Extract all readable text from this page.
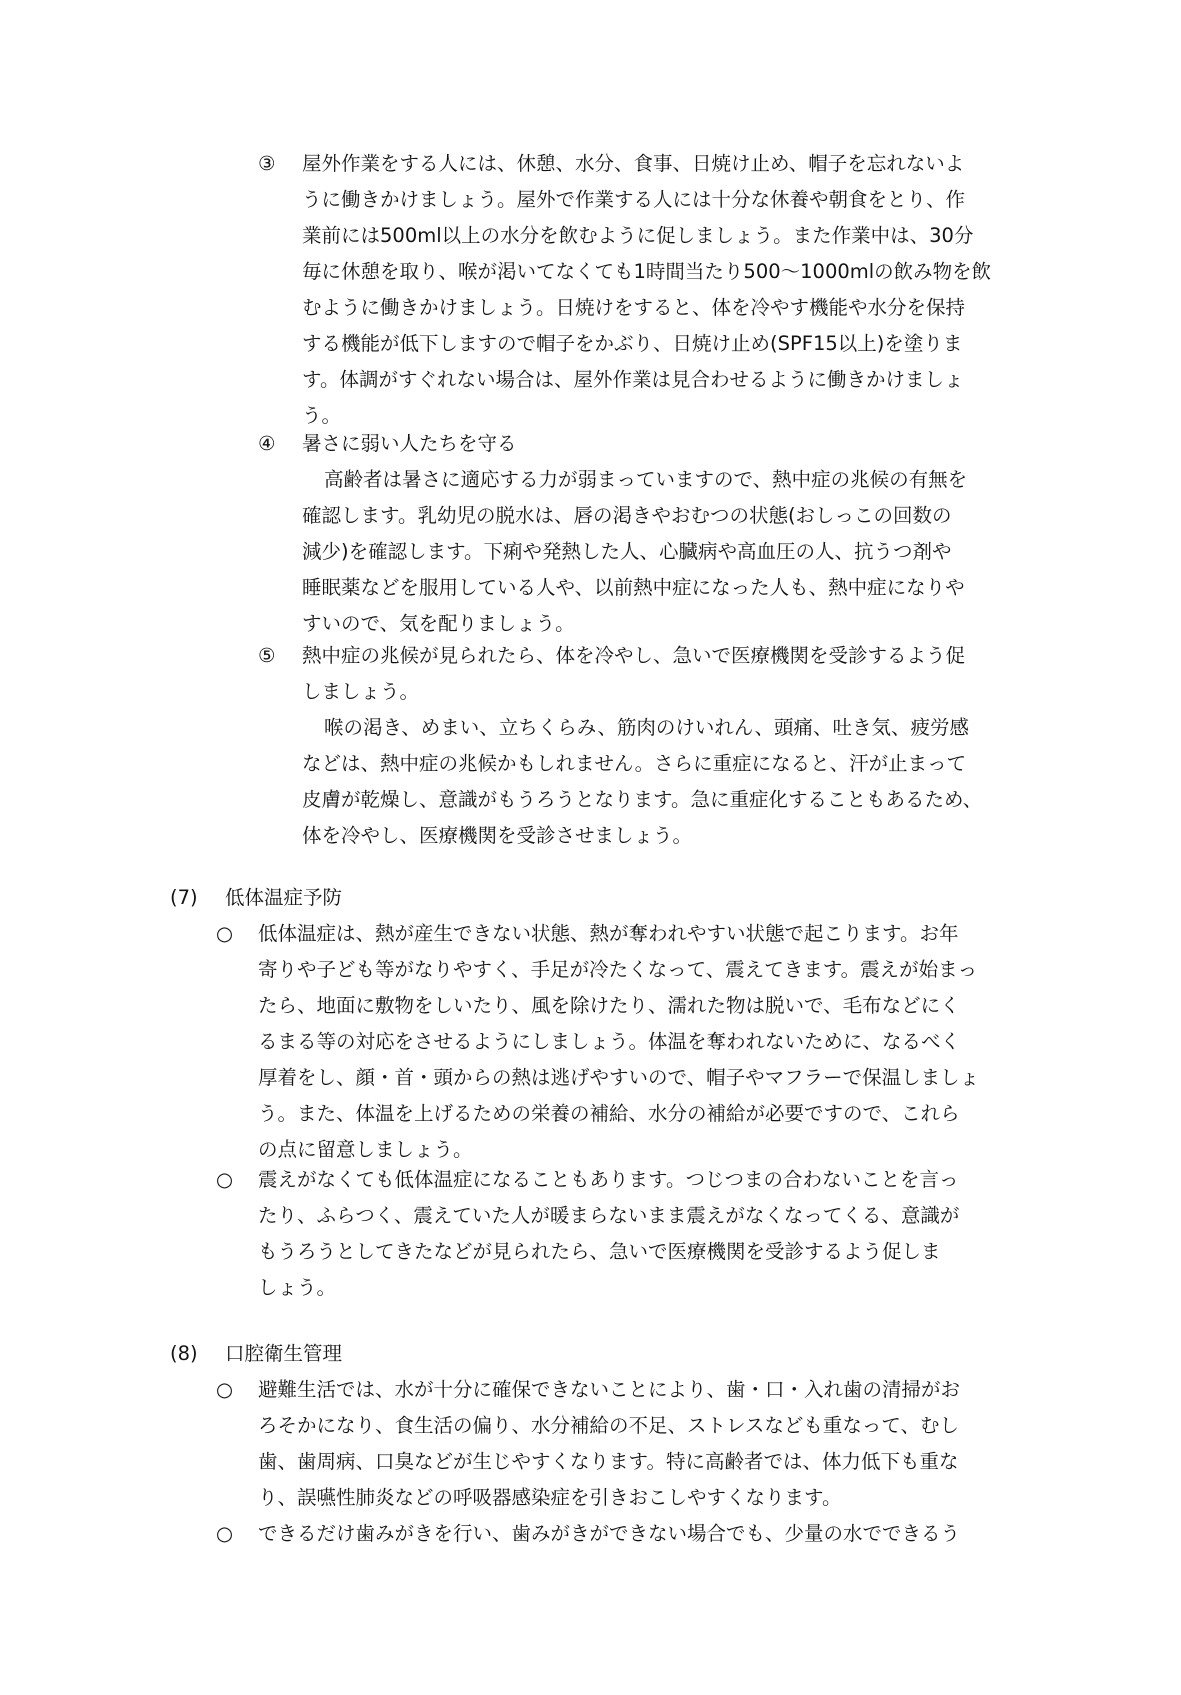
③ 屋外作業をする人には、休憩、水分、食事、日焼け止め、帽子を忘れないよ
うに働きかけましょう。屋外で作業する人には十分な休養や朝食をとり、作
業前には500ml以上の水分を飲むように促しましょう。また作業中は、30分
毎に休憩を取り、喉が渇いてなくても1時間当たり500～1000mlの飲み物を飲
むように働きかけましょう。日焼けをすると、体を冷やす機能や水分を保持
する機能が低下しますので帽子をかぶり、日焼け止め(SPF15以上)を塗りま
す。体調がすぐれない場合は、屋外作業は見合わせるように働きかけましょ
う。
④ 暑さに弱い人たちを守る
高齢者は暑さに適応する力が弱まっていますので、熱中症の兆候の有無を
確認します。乳幼児の脱水は、唇の渇きやおむつの状態(おしっこの回数の
減少)を確認します。下痢や発熱した人、心臓病や高血圧の人、抗うつ剤や
睡眠薬などを服用している人や、以前熱中症になった人も、熱中症になりや
すいので、気を配りましょう。
⑤ 熱中症の兆候が見られたら、体を冷やし、急いで医療機関を受診するよう促
しましょう。
喉の渇き、めまい、立ちくらみ、筋肉のけいれん、頭痛、吐き気、疲労感
などは、熱中症の兆候かもしれません。さらに重症になると、汗が止まって
皮膚が乾燥し、意識がもうろうとなります。急に重症化することもあるため、
体を冷やし、医療機関を受診させましょう。
(7) 低体温症予防
○ 低体温症は、熱が産生できない状態、熱が奪われやすい状態で起こります。お年
寄りや子ども等がなりやすく、手足が冷たくなって、震えてきます。震えが始まっ
たら、地面に敷物をしいたり、風を除けたり、濡れた物は脱いで、毛布などにく
るまる等の対応をさせるようにしましょう。体温を奪われないために、なるべく
厚着をし、顔・首・頭からの熱は逃げやすいので、帽子やマフラーで保温しましょ
う。また、体温を上げるための栄養の補給、水分の補給が必要ですので、これら
の点に留意しましょう。
○ 震えがなくても低体温症になることもあります。つじつまの合わないことを言っ
たり、ふらつく、震えていた人が暖まらないまま震えがなくなってくる、意識が
もうろうとしてきたなどが見られたら、急いで医療機関を受診するよう促しま
しょう。
(8) 口腔衛生管理
○ 避難生活では、水が十分に確保できないことにより、歯・口・入れ歯の清掃がお
ろそかになり、食生活の偏り、水分補給の不足、ストレスなども重なって、むし
歯、歯周病、口臭などが生じやすくなります。特に高齢者では、体力低下も重な
り、誤嚥性肺炎などの呼吸器感染症を引きおこしやすくなります。
○ できるだけ歯みがきを行い、歯みがきができない場合でも、少量の水でできるう
